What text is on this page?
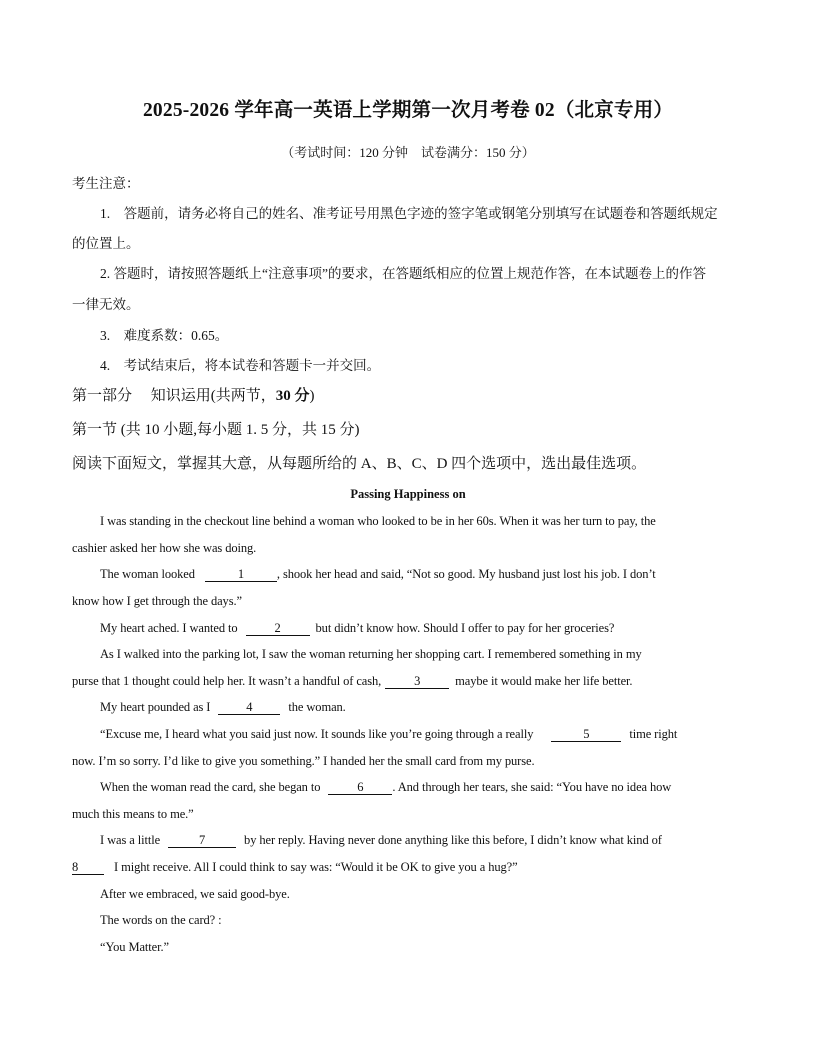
2025-2026 学年高一英语上学期第一次月考卷 02（北京专用）
（考试时间：120 分钟　试卷满分：150 分）
考生注意：
1.　答题前，请务必将自己的姓名、准考证号用黑色字迹的签字笔或钢笔分别填写在试题卷和答题纸规定
的位置上。
2. 答题时，请按照答题纸上“注意事项”的要求，在答题纸相应的位置上规范作答，在本试题卷上的作答
一律无效。
3.　难度系数：0.65。
4.　考试结束后，将本试卷和答题卡一并交回。
第一部分　 知识运用(共两节，30 分)
第一节 (共 10 小题,每小题 1. 5 分，共 15 分)
阅读下面短文，掌握其大意，从每题所给的 A、B、C、D 四个选项中，选出最佳选项。
Passing Happiness on
I was standing in the checkout line behind a woman who looked to be in her 60s. When it was her turn to pay, the
cashier asked her how she was doing.
The woman looked	1	, shook her head and said, “Not so good. My husband just lost his job. I don’t
know how I get through the days.”
My heart ached. I wanted to	2	but didn’t know how. Should I offer to pay for her groceries?
As I walked into the parking lot, I saw the woman returning her shopping cart. I remembered something in my
purse that 1 thought could help her. It wasn’t a handful of cash,	3	maybe it would make her life better.
My heart pounded as I	4	the woman.
“Excuse me, I heard what you said just now. It sounds like you’re going through a really	5	time right
now. I’m so sorry. I’d like to give you something.” I handed her the small card from my purse.
When the woman read the card, she began to	6 . And through her tears, she said: “You have no idea how
much this means to me.”
I was a little	7	by her reply. Having never done anything like this before, I didn’t know what kind of
8	I might receive. All I could think to say was: “Would it be OK to give you a hug?”
After we embraced, we said good-bye.
The words on the card? :
“You Matter.”
